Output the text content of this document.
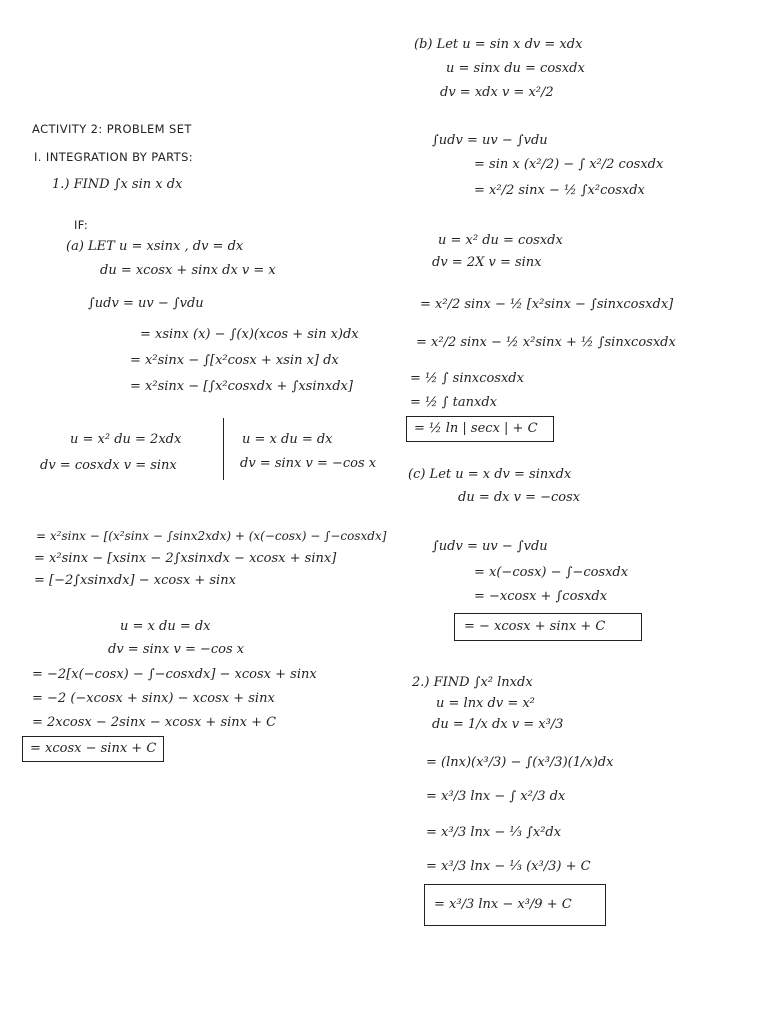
ACTIVITY 2: PROBLEM SET
I. INTEGRATION BY PARTS:
1.) FIND ∫x sin x dx
IF:
(a) LET u = xsinx , dv = dx
du = xcosx + sinx dx v = x
∫udv = uv − ∫vdu
= xsinx (x) − ∫(x)(xcos + sin x)dx
= x²sinx − ∫[x²cosx + xsin x] dx
= x²sinx − [∫x²cosxdx + ∫xsinxdx]
u = x² du = 2xdx
dv = cosxdx v = sinx
u = x du = dx
dv = sinx v = −cos x
= x²sinx − [(x²sinx − ∫sinx2xdx) + (x(−cosx) − ∫−cosxdx]
= x²sinx − [xsinx − 2∫xsinxdx − xcosx + sinx]
= [−2∫xsinxdx] − xcosx + sinx
u = x du = dx
dv = sinx v = −cos x
= −2[x(−cosx) − ∫−cosxdx] − xcosx + sinx
= −2 (−xcosx + sinx) − xcosx + sinx
= 2xcosx − 2sinx − xcosx + sinx + C
= xcosx − sinx + C
(b) Let u = sin x dv = xdx
u = sinx du = cosxdx
dv = xdx v = x²/2
∫udv = uv − ∫vdu
= sin x (x²/2) − ∫ x²/2 cosxdx
= x²/2 sinx − ½ ∫x²cosxdx
u = x² du = cosxdx
dv = 2X v = sinx
= x²/2 sinx − ½ [x²sinx − ∫sinxcosxdx]
= x²/2 sinx − ½ x²sinx + ½ ∫sinxcosxdx
= ½ ∫ sinxcosxdx
= ½ ∫ tanxdx
= ½ ln | secx | + C
(c) Let u = x dv = sinxdx
du = dx v = −cosx
∫udv = uv − ∫vdu
= x(−cosx) − ∫−cosxdx
= −xcosx + ∫cosxdx
= − xcosx + sinx + C
2.) FIND ∫x² lnxdx
u = lnx dv = x²
du = 1/x dx v = x³/3
= (lnx)(x³/3) − ∫(x³/3)(1/x)dx
= x³/3 lnx − ∫ x²/3 dx
= x³/3 lnx − ⅓ ∫x²dx
= x³/3 lnx − ⅓ (x³/3) + C
= x³/3 lnx − x³/9 + C
